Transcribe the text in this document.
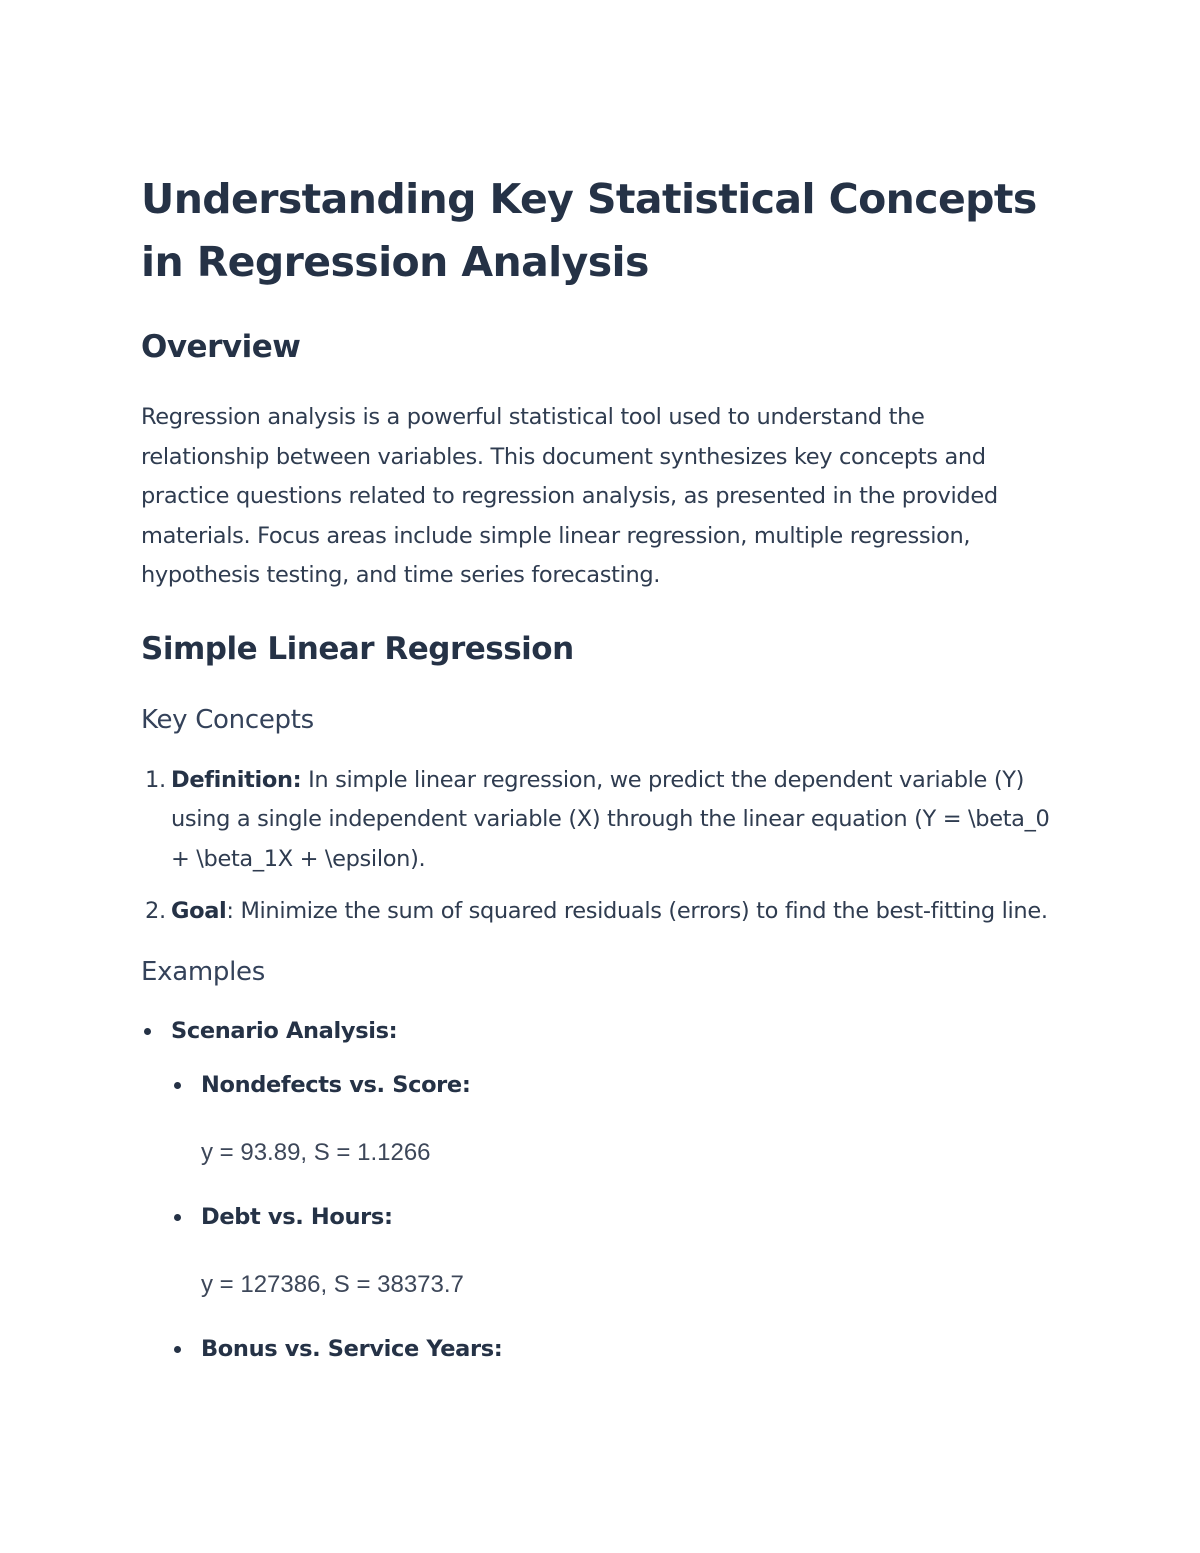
Understanding Key Statistical Concepts in Regression Analysis
Overview

Regression analysis is a powerful statistical tool used to understand the relationship between variables. This document synthesizes key concepts and practice questions related to regression analysis, as presented in the provided materials. Focus areas include simple linear regression, multiple regression, hypothesis testing, and time series forecasting.

Simple Linear Regression
Key Concepts
1. Definition: In simple linear regression, we predict the dependent variable (Y) using a single independent variable (X) through the linear equation (Y = \beta_0 + \beta_1X + \epsilon).
2. Goal: Minimize the sum of squared residuals (errors) to find the best-fitting line.
Examples
Scenario Analysis:
Nondefects vs. Score:
y = 93.89, S = 1.1266
Debt vs. Hours:
y = 127386, S = 38373.7
Bonus vs. Service Years:
